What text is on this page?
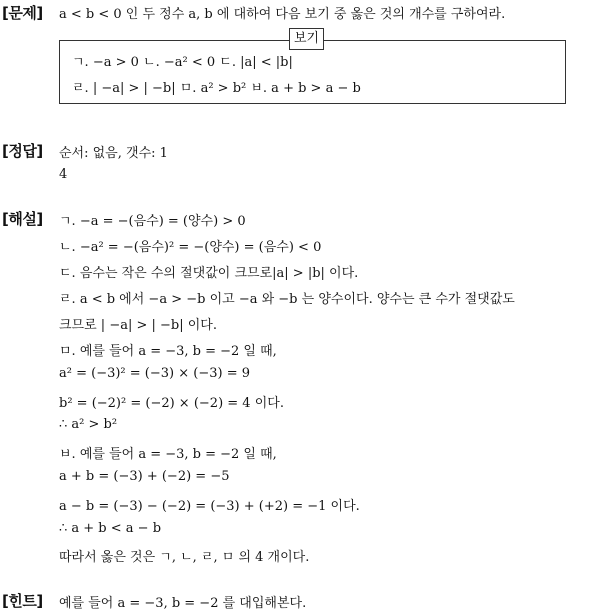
[문제] a < b < 0 인 두 정수 a, b 에 대하여 다음 보기 중 옳은 것의 개수를 구하여라.
보기
ㄱ. −a > 0 ㄴ. −a² < 0 ㄷ. |a| < |b|
ㄹ. | −a| > | −b| ㅁ. a² > b² ㅂ. a + b > a − b
[정답] 순서: 없음, 갯수: 1
4
[해설] ㄱ. −a = −(음수) = (양수) > 0
ㄴ. −a² = −(음수)² = −(양수) = (음수) < 0
ㄷ. 음수는 작은 수의 절댓값이 크므로|a| > |b| 이다.
ㄹ. a < b 에서 −a > −b 이고 −a 와 −b 는 양수이다. 양수는 큰 수가 절댓값도
크므로 | −a| > | −b| 이다.
ㅁ. 예를 들어 a = −3, b = −2 일 때,
a² = (−3)² = (−3) × (−3) = 9
b² = (−2)² = (−2) × (−2) = 4 이다.
∴ a² > b²
ㅂ. 예를 들어 a = −3, b = −2 일 때,
a + b = (−3) + (−2) = −5
a − b = (−3) − (−2) = (−3) + (+2) = −1 이다.
∴ a + b < a − b
따라서 옳은 것은 ㄱ, ㄴ, ㄹ, ㅁ 의 4 개이다.
[힌트] 예를 들어 a = −3, b = −2 를 대입해본다.
